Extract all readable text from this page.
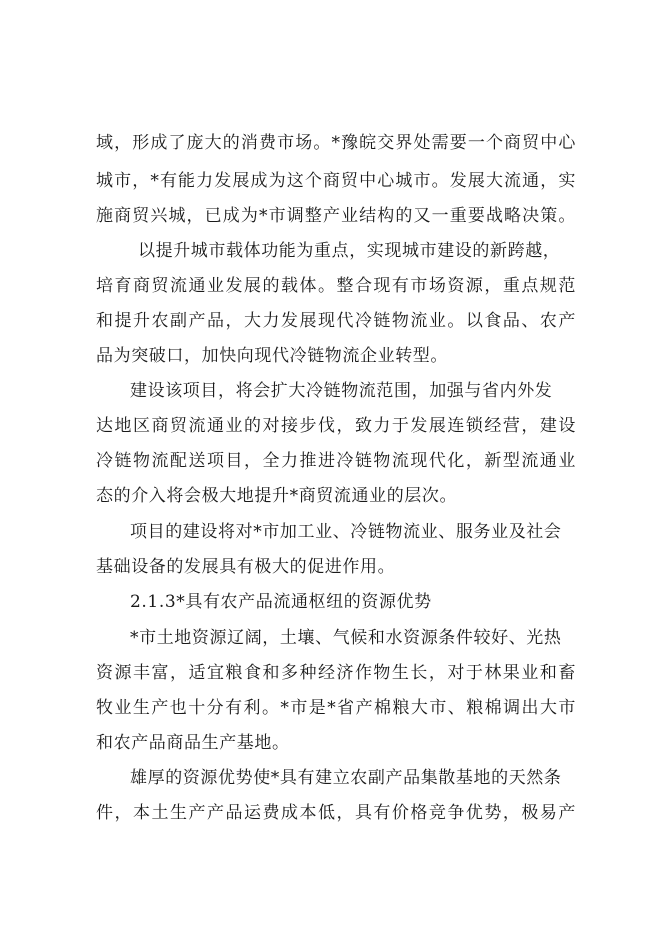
域，形成了庞大的消费市场。*豫皖交界处需要一个商贸中心
城市，*有能力发展成为这个商贸中心城市。发展大流通，实
施商贸兴城，已成为*市调整产业结构的又一重要战略决策。
以提升城市载体功能为重点，实现城市建设的新跨越，
培育商贸流通业发展的载体。整合现有市场资源，重点规范
和提升农副产品，大力发展现代冷链物流业。以食品、农产
品为突破口，加快向现代冷链物流企业转型。
建设该项目，将会扩大冷链物流范围，加强与省内外发
达地区商贸流通业的对接步伐，致力于发展连锁经营，建设
冷链物流配送项目，全力推进冷链物流现代化，新型流通业
态的介入将会极大地提升*商贸流通业的层次。
项目的建设将对*市加工业、冷链物流业、服务业及社会
基础设备的发展具有极大的促进作用。
2.1.3*具有农产品流通枢纽的资源优势
*市土地资源辽阔，土壤、气候和水资源条件较好、光热
资源丰富，适宜粮食和多种经济作物生长，对于林果业和畜
牧业生产也十分有利。*市是*省产棉粮大市、粮棉调出大市
和农产品商品生产基地。
雄厚的资源优势使*具有建立农副产品集散基地的天然条
件，本土生产产品运费成本低，具有价格竞争优势，极易产
